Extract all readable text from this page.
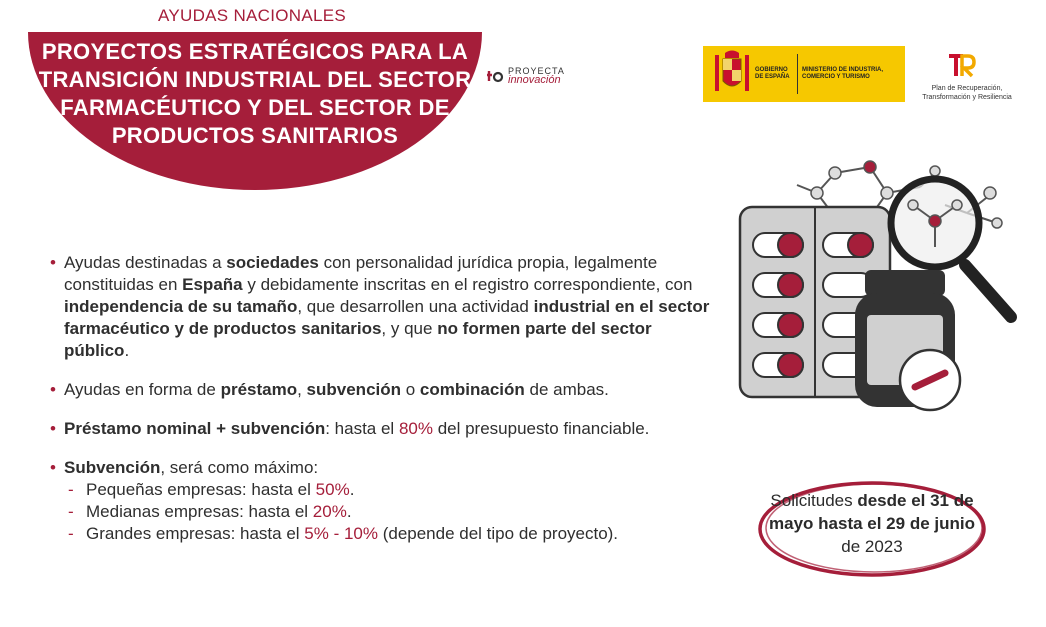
AYUDAS NACIONALES
PROYECTOS ESTRATÉGICOS PARA LA TRANSICIÓN INDUSTRIAL DEL SECTOR FARMACÉUTICO Y DEL SECTOR DE PRODUCTOS SANITARIOS
PROYECTA
innovación
GOBIERNO DE ESPAÑA
MINISTERIO DE INDUSTRIA, COMERCIO Y TURISMO
Plan de Recuperación, Transformación y Resiliencia
• Ayudas destinadas a sociedades con personalidad jurídica propia, legalmente constituidas en España y debidamente inscritas en el registro correspondiente, con independencia de su tamaño, que desarrollen una actividad industrial en el sector farmacéutico y de productos sanitarios, y que no formen parte del sector público.
• Ayudas en forma de préstamo, subvención o combinación de ambas.
• Préstamo nominal + subvención: hasta el 80% del presupuesto financiable.
• Subvención, será como máximo:
- Pequeñas empresas: hasta el 50%.
- Medianas empresas: hasta el 20%.
- Grandes empresas: hasta el 5% - 10% (depende del tipo de proyecto).
Solicitudes desde el 31 de mayo hasta el 29 de junio de 2023
